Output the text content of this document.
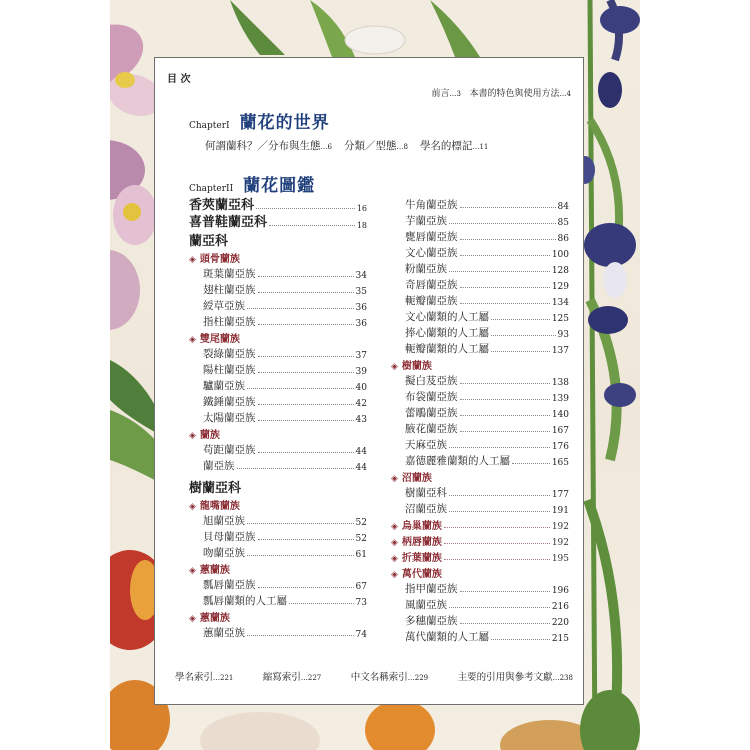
目 次
前言…3 本書的特色與使用方法…4
ChapterI 蘭花的世界
何謂蘭科？／分布與生態…6 分類／型態…8 學名的標記…11
ChapterII 蘭花圖鑑
香莢蘭亞科	16
喜普鞋蘭亞科	18
蘭亞科
◈ 頭骨蘭族
斑葉蘭亞族	34
翅柱蘭亞族	35
綬草亞族	36
指柱蘭亞族	36
◈ 雙尾蘭族
裂綠蘭亞族	37
陽柱蘭亞族	39
驢蘭亞族	40
鐵錘蘭亞族	42
太陽蘭亞族	43
◈ 蘭族
苟距蘭亞族	44
蘭亞族	44
樹蘭亞科
◈ 龍嘴蘭族
旭蘭亞族	52
貝母蘭亞族	52
吻蘭亞族	61
◈ 蕙蘭族
瓢唇蘭亞族	67
瓢唇蘭類的人工屬	73
◈ 蕙蘭族
蕙蘭亞族	74
牛角蘭亞族	84
芋蘭亞族	85
甕唇蘭亞族	86
文心蘭亞族	100
粉蘭亞族	128
奇唇蘭亞族	129
軛瓣蘭亞族	134
文心蘭類的人工屬	125
捧心蘭類的人工屬	93
軛瓣蘭類的人工屬	137
◈ 樹蘭族
擬白芨亞族	138
布袋蘭亞族	139
蕾鵰蘭亞族	140
腋花蘭亞族	167
天麻亞族	176
嘉德麗雅蘭類的人工屬	165
◈ 沼蘭族
樹蘭亞科	177
沼蘭亞族	191
◈ 烏巢蘭族	192
◈ 柄唇蘭族	192
◈ 折葉蘭族	195
◈ 萬代蘭族
指甲蘭亞族	196
風蘭亞族	216
多穗蘭亞族	220
萬代蘭類的人工屬	215
學名索引…221	縮寫索引…227	中文名稱索引…229	主要的引用與參考文獻…238
